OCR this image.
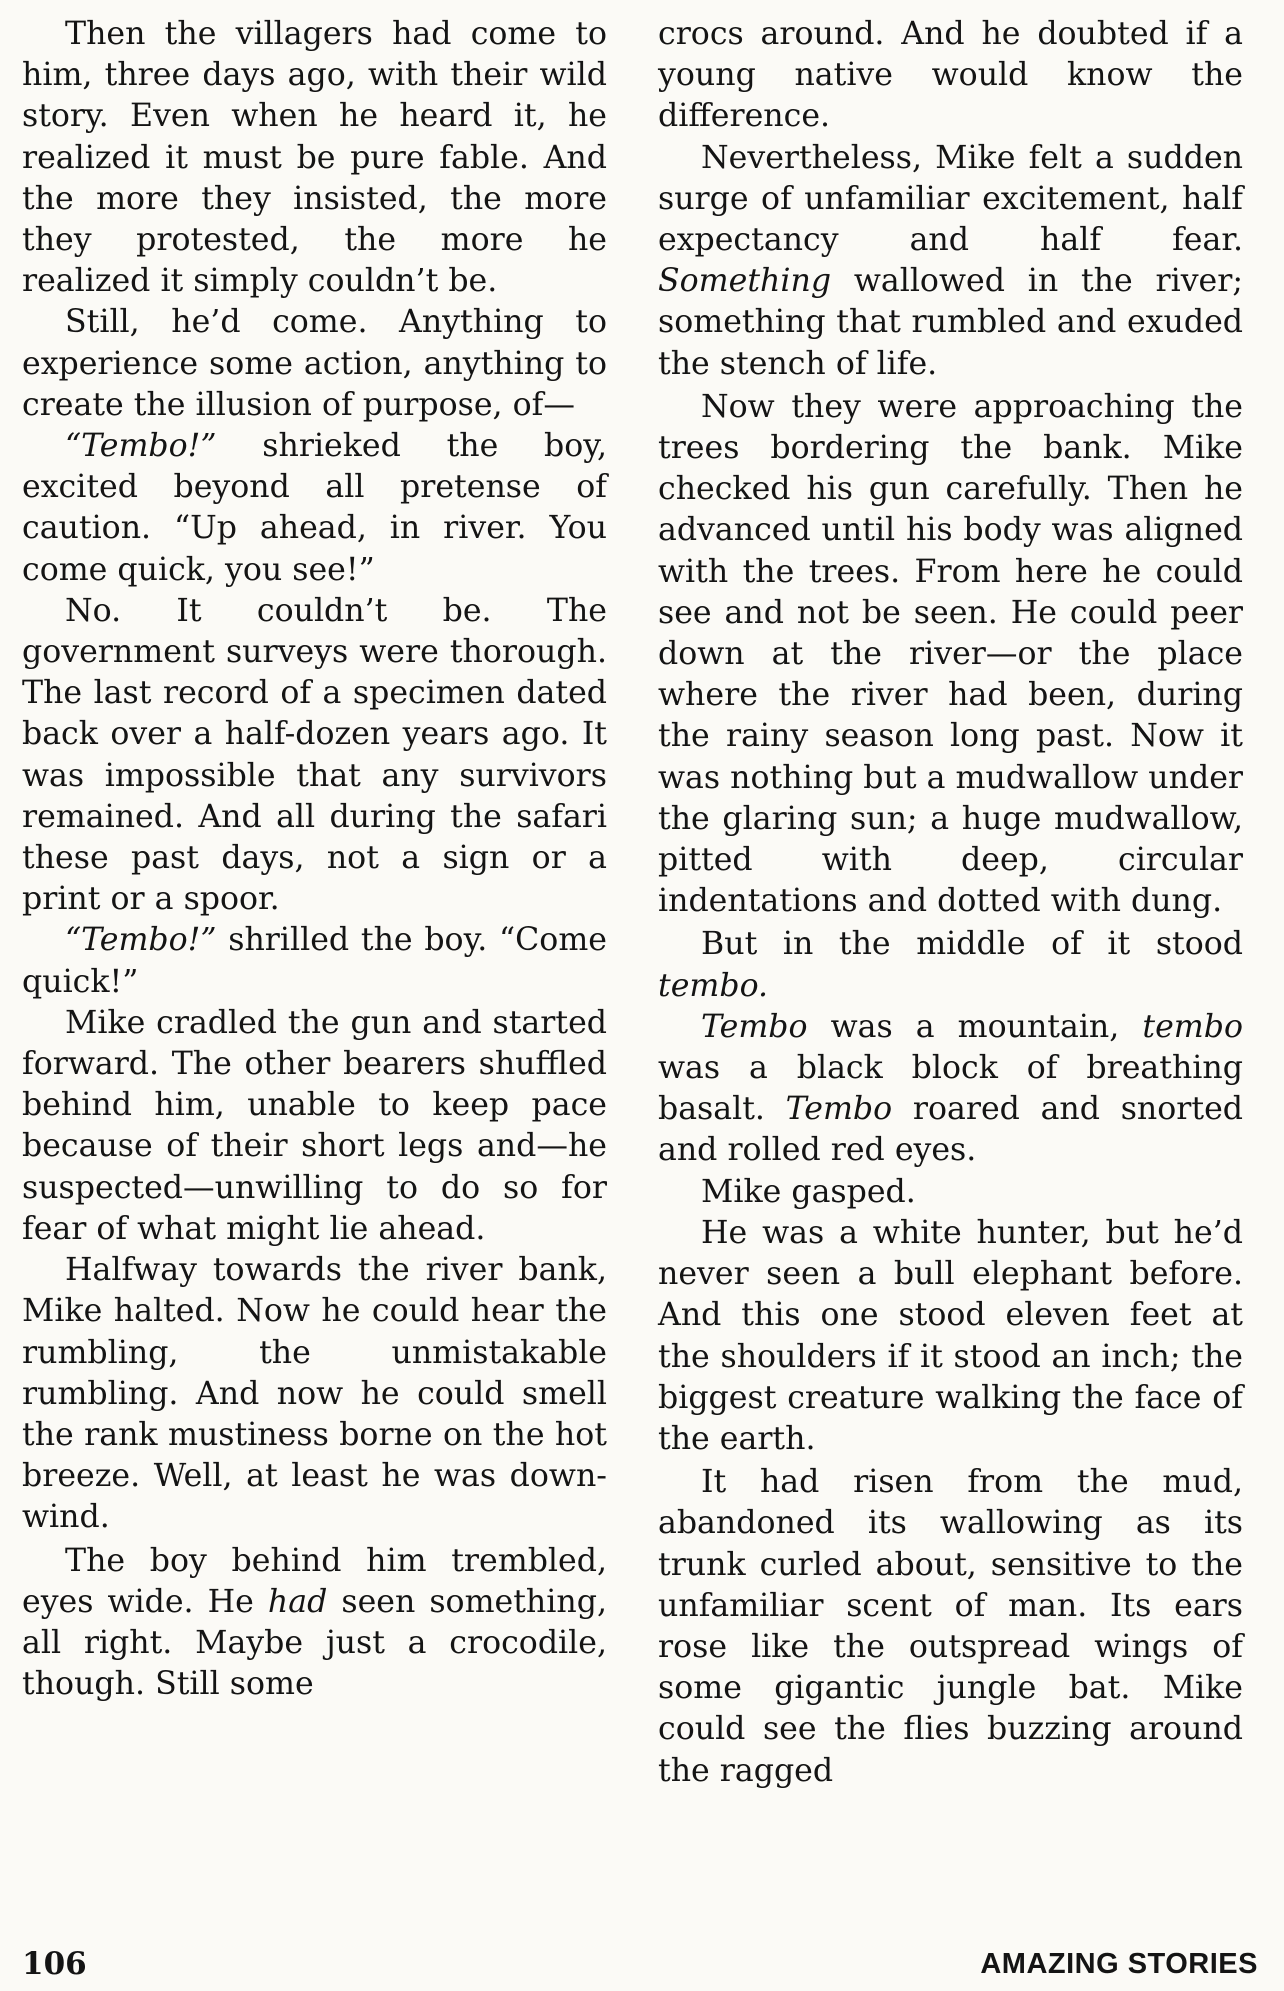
Then the villagers had come to him, three days ago, with their wild story. Even when he heard it, he realized it must be pure fable. And the more they insisted, the more they protested, the more he realized it simply couldn’t be.

Still, he’d come. Anything to experience some action, anything to create the illusion of purpose, of—

“Tembo!” shrieked the boy, excited beyond all pretense of caution. “Up ahead, in river. You come quick, you see!”

No. It couldn’t be. The government surveys were thorough. The last record of a specimen dated back over a half-dozen years ago. It was impossible that any survivors remained. And all during the safari these past days, not a sign or a print or a spoor.

“Tembo!” shrilled the boy. “Come quick!”

Mike cradled the gun and started forward. The other bearers shuffled behind him, unable to keep pace because of their short legs and—he suspected—unwilling to do so for fear of what might lie ahead.

Halfway towards the river bank, Mike halted. Now he could hear the rumbling, the unmistakable rumbling. And now he could smell the rank mustiness borne on the hot breeze. Well, at least he was down-wind.

The boy behind him trembled, eyes wide. He had seen something, all right. Maybe just a crocodile, though. Still some

crocs around. And he doubted if a young native would know the difference.

Nevertheless, Mike felt a sudden surge of unfamiliar excitement, half expectancy and half fear. Something wallowed in the river; something that rumbled and exuded the stench of life.

Now they were approaching the trees bordering the bank. Mike checked his gun carefully. Then he advanced until his body was aligned with the trees. From here he could see and not be seen. He could peer down at the river—or the place where the river had been, during the rainy season long past. Now it was nothing but a mudwallow under the glaring sun; a huge mudwallow, pitted with deep, circular indentations and dotted with dung.

But in the middle of it stood tembo.

Tembo was a mountain, tembo was a black block of breathing basalt. Tembo roared and snorted and rolled red eyes.

Mike gasped.

He was a white hunter, but he’d never seen a bull elephant before. And this one stood eleven feet at the shoulders if it stood an inch; the biggest creature walking the face of the earth.

It had risen from the mud, abandoned its wallowing as its trunk curled about, sensitive to the unfamiliar scent of man. Its ears rose like the outspread wings of some gigantic jungle bat. Mike could see the flies buzzing around the ragged

106	AMAZING STORIES
